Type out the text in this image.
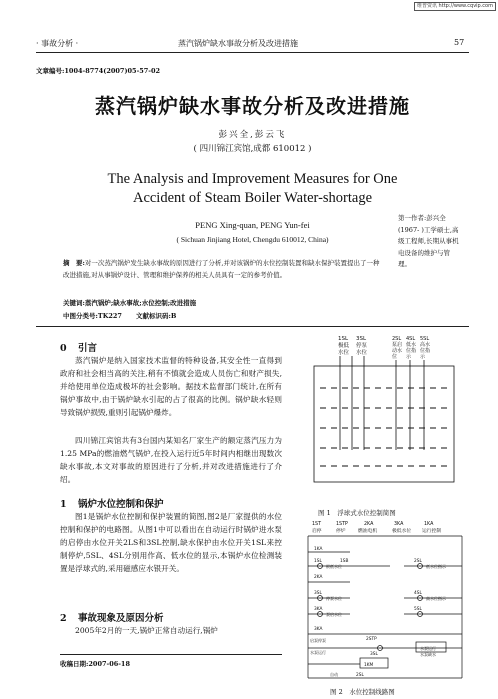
维普资讯 http://www.cqvip.com
· 事故分析 ·	蒸汽锅炉缺水事故分析及改进措施	57
文章编号:1004-8774(2007)05-57-02
蒸汽锅炉缺水事故分析及改进措施
彭兴全,彭云飞
( 四川锦江宾馆,成都 610012 )
The Analysis and Improvement Measures for One
Accident of Steam Boiler Water-shortage
PENG Xing-quan, PENG Yun-fei
( Sichuan Jinjiang Hotel, Chengdu 610012, China)
第一作者:彭兴全 (1967- )工学硕士,高级工程师,长期从事机电设备的维护与管理。
摘　要:对一次蒸汽锅炉发生缺水事故的原因进行了分析,并对该锅炉的水位控制装置和缺水保护装置提出了一种改进措施,对从事锅炉设计、管理和维护保养的相关人员具有一定的参考价值。
关键词:蒸汽锅炉;缺水事故;水位控制;改进措施
中图分类号:TK227 文献标识码:B
0 引言
蒸汽锅炉是纳入国家技术监督的特种设备,其安全性一直得到政府和社会相当高的关注,稍有不慎就会造成人员伤亡和财产损失,并给使用单位造成极坏的社会影响。据技术监督部门统计,在所有锅炉事故中,由于锅炉缺水引起的占了很高的比例。锅炉缺水轻则导致锅炉损毁,重则引起锅炉爆炸。
四川锦江宾馆共有3台国内某知名厂家生产的额定蒸汽压力为1.25 MPa的燃油燃气锅炉,在投入运行近5年时间内相继出现数次缺水事故,本文对事故的原因进行了分析,并对改进措施进行了介绍。
1 锅炉水位控制和保护
图1是锅炉水位控制和保护装置的简图,图2是厂家提供的水位控制和保护的电路图。从图1中可以看出在自动运行时锅炉进水泵的启停由水位开关2LS和3SL控制,缺水保护由水位开关1SL来控制停炉,5SL、4SL分别用作高、低水位的显示,本锅炉水位检测装置是浮球式的,采用磁感应水银开关。
2 事故现象及原因分析
2005年2月的一天,锅炉正常自动运行,锅炉
收稿日期:2007-06-18
1SL 3SL
极低 停泵
水位 水位
2SL 4SL 5SL
泵启 低水 高水
动水 位指 位指
位 示 示
图 1　浮球式水位控制简图
1ST	1STP	2KA	3KA	1KA
启停	停炉	燃油电机	极低水位 运行控制
1KA
1SL	1SB
2KA
3SL
3KA
2SL
4SL
5SL
3KA
2STP
3SL
1KM
2SL
极低水位
停泵水位
泵启水位
低水位指示
高水位指示
启泵停泵
水泵运行	水泵缺水
水泵运行
自动
图 2　水位控制线路图
